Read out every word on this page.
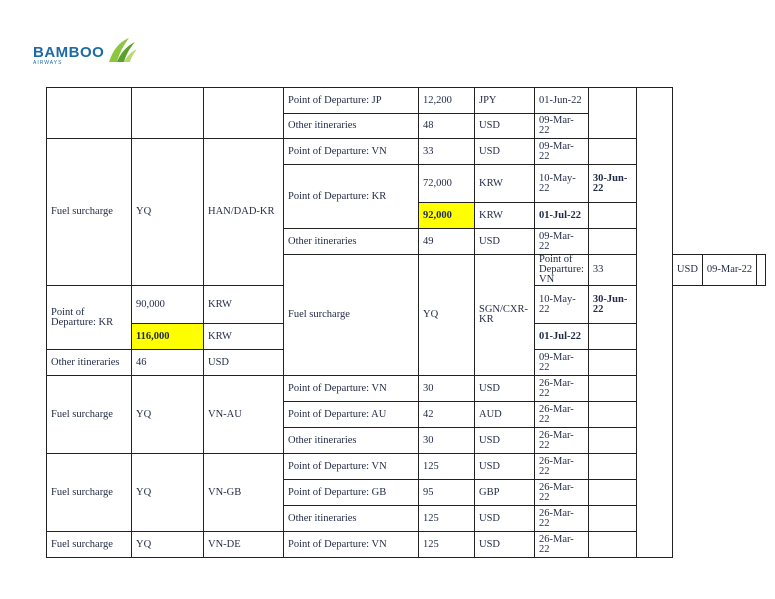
BAMBOO
AIRWAYS
			Point of Departure: JP	12,200	JPY	01-Jun-22					
			Other itineraries	48	USD	09-Mar-22					
Fuel surcharge	YQ	HAN/DAD-KR	Point of Departure: VN	33	USD	09-Mar-22					
			Point of Departure: KR	72,000	KRW	10-May-22	30-Jun-22				
				92,000	KRW	01-Jul-22					
			Other itineraries	49	USD	09-Mar-22					
			Fuel surcharge	YQ	SGN/CXR-KR	Point of Departure: VN	33		USD	09-Mar-22	
Point of Departure: KR	90,000	KRW				10-May-22	30-Jun-22				
	116,000	KRW				01-Jul-22					
Other itineraries	46	USD				09-Mar-22					
Fuel surcharge	YQ	VN-AU	Point of Departure: VN	30	USD	26-Mar-22					
			Point of Departure: AU	42	AUD	26-Mar-22					
			Other itineraries	30	USD	26-Mar-22					
Fuel surcharge	YQ	VN-GB	Point of Departure: VN	125	USD	26-Mar-22					
			Point of Departure: GB	95	GBP	26-Mar-22					
			Other itineraries	125	USD	26-Mar-22					
Fuel surcharge	YQ	VN-DE	Point of Departure: VN	125	USD	26-Mar-22					
